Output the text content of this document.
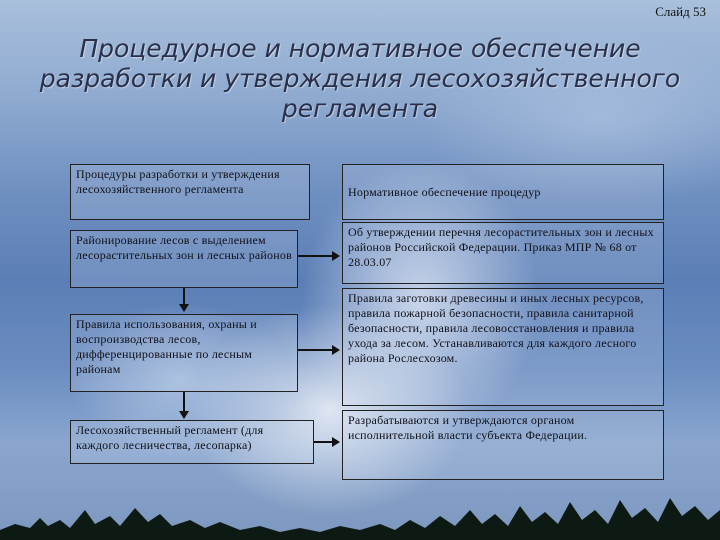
Слайд 53
Процедурное и нормативное обеспечение разработки и утверждения лесохозяйственного регламента
Процедуры разработки и утверждения лесохозяйственного регламента
Районирование лесов с выделением лесорастительных зон и лесных районов
Правила использования, охраны и воспроизводства лесов, дифференцированные по лесным районам
Лесохозяйственный регламент (для каждого лесничества, лесопарка)
Нормативное обеспечение процедур
Об утверждении перечня лесорастительных зон и лесных районов Российской Федерации. Приказ МПР № 68 от 28.03.07
Правила заготовки древесины и иных лесных ресурсов, правила пожарной безопасности, правила санитарной безопасности, правила лесовосстановления и правила ухода за лесом. Устанавливаются для каждого лесного района Рослесхозом.
Разрабатываются и утверждаются органом исполнительной власти субъекта Федерации.
